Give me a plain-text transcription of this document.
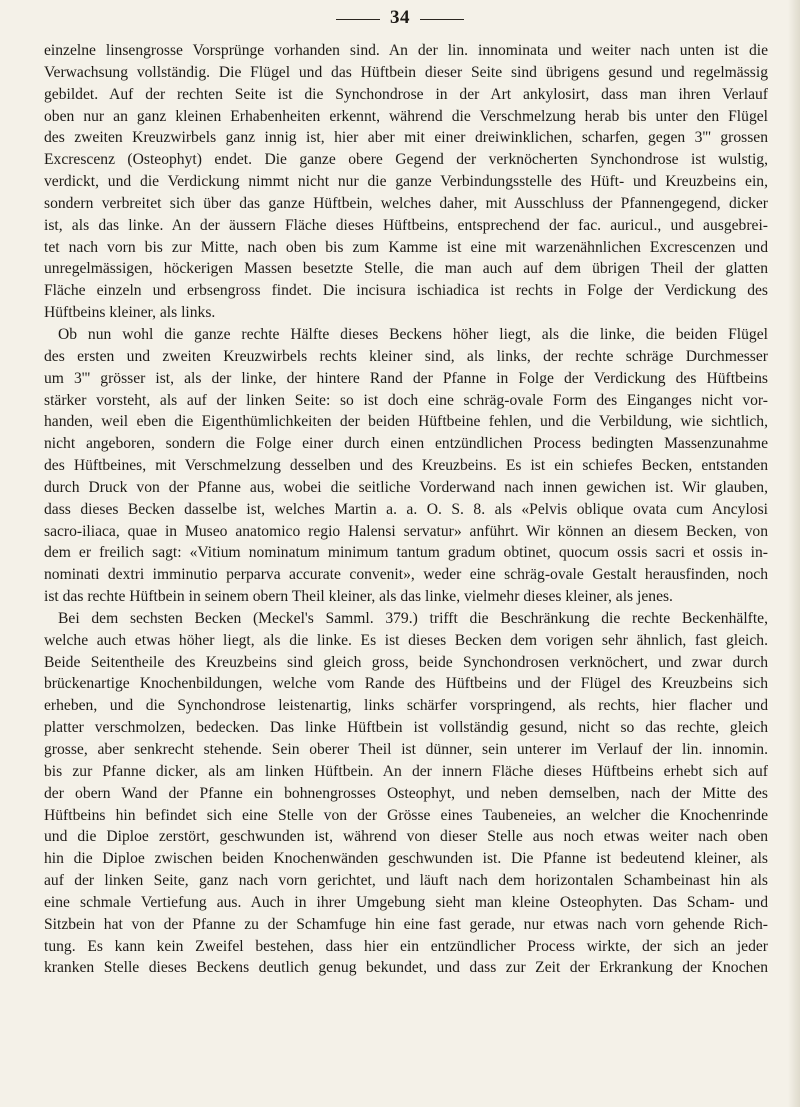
34
einzelne linsengrosse Vorsprünge vorhanden sind. An der lin. innominata und weiter nach unten ist die
Verwachsung vollständig. Die Flügel und das Hüftbein dieser Seite sind übrigens gesund und regelmässig
gebildet. Auf der rechten Seite ist die Synchondrose in der Art ankylosirt, dass man ihren Verlauf
oben nur an ganz kleinen Erhabenheiten erkennt, während die Verschmelzung herab bis unter den Flügel
des zweiten Kreuzwirbels ganz innig ist, hier aber mit einer dreiwinklichen, scharfen, gegen 3''' grossen
Excrescenz (Osteophyt) endet. Die ganze obere Gegend der verknöcherten Synchondrose ist wulstig,
verdickt, und die Verdickung nimmt nicht nur die ganze Verbindungsstelle des Hüft- und Kreuzbeins ein,
sondern verbreitet sich über das ganze Hüftbein, welches daher, mit Ausschluss der Pfannengegend, dicker
ist, als das linke. An der äussern Fläche dieses Hüftbeins, entsprechend der fac. auricul., und ausgebrei-
tet nach vorn bis zur Mitte, nach oben bis zum Kamme ist eine mit warzenähnlichen Excrescenzen und
unregelmässigen, höckerigen Massen besetzte Stelle, die man auch auf dem übrigen Theil der glatten
Fläche einzeln und erbsengross findet. Die incisura ischiadica ist rechts in Folge der Verdickung des
Hüftbeins kleiner, als links.
Ob nun wohl die ganze rechte Hälfte dieses Beckens höher liegt, als die linke, die beiden Flügel
des ersten und zweiten Kreuzwirbels rechts kleiner sind, als links, der rechte schräge Durchmesser
um 3''' grösser ist, als der linke, der hintere Rand der Pfanne in Folge der Verdickung des Hüftbeins
stärker vorsteht, als auf der linken Seite: so ist doch eine schräg-ovale Form des Einganges nicht vor-
handen, weil eben die Eigenthümlichkeiten der beiden Hüftbeine fehlen, und die Verbildung, wie sichtlich,
nicht angeboren, sondern die Folge einer durch einen entzündlichen Process bedingten Massenzunahme
des Hüftbeines, mit Verschmelzung desselben und des Kreuzbeins. Es ist ein schiefes Becken, entstanden
durch Druck von der Pfanne aus, wobei die seitliche Vorderwand nach innen gewichen ist. Wir glauben,
dass dieses Becken dasselbe ist, welches Martin a. a. O. S. 8. als «Pelvis oblique ovata cum Ancylosi
sacro-iliaca, quae in Museo anatomico regio Halensi servatur» anführt. Wir können an diesem Becken, von
dem er freilich sagt: «Vitium nominatum minimum tantum gradum obtinet, quocum ossis sacri et ossis in-
nominati dextri imminutio perparva accurate convenit», weder eine schräg-ovale Gestalt herausfinden, noch
ist das rechte Hüftbein in seinem obern Theil kleiner, als das linke, vielmehr dieses kleiner, als jenes.
Bei dem sechsten Becken (Meckel's Samml. 379.) trifft die Beschränkung die rechte Beckenhälfte,
welche auch etwas höher liegt, als die linke. Es ist dieses Becken dem vorigen sehr ähnlich, fast gleich.
Beide Seitentheile des Kreuzbeins sind gleich gross, beide Synchondrosen verknöchert, und zwar durch
brückenartige Knochenbildungen, welche vom Rande des Hüftbeins und der Flügel des Kreuzbeins sich
erheben, und die Synchondrose leistenartig, links schärfer vorspringend, als rechts, hier flacher und
platter verschmolzen, bedecken. Das linke Hüftbein ist vollständig gesund, nicht so das rechte, gleich
grosse, aber senkrecht stehende. Sein oberer Theil ist dünner, sein unterer im Verlauf der lin. innomin.
bis zur Pfanne dicker, als am linken Hüftbein. An der innern Fläche dieses Hüftbeins erhebt sich auf
der obern Wand der Pfanne ein bohnengrosses Osteophyt, und neben demselben, nach der Mitte des
Hüftbeins hin befindet sich eine Stelle von der Grösse eines Taubeneies, an welcher die Knochenrinde
und die Diploe zerstört, geschwunden ist, während von dieser Stelle aus noch etwas weiter nach oben
hin die Diploe zwischen beiden Knochenwänden geschwunden ist. Die Pfanne ist bedeutend kleiner, als
auf der linken Seite, ganz nach vorn gerichtet, und läuft nach dem horizontalen Schambeinast hin als
eine schmale Vertiefung aus. Auch in ihrer Umgebung sieht man kleine Osteophyten. Das Scham- und
Sitzbein hat von der Pfanne zu der Schamfuge hin eine fast gerade, nur etwas nach vorn gehende Rich-
tung. Es kann kein Zweifel bestehen, dass hier ein entzündlicher Process wirkte, der sich an jeder
kranken Stelle dieses Beckens deutlich genug bekundet, und dass zur Zeit der Erkrankung der Knochen
